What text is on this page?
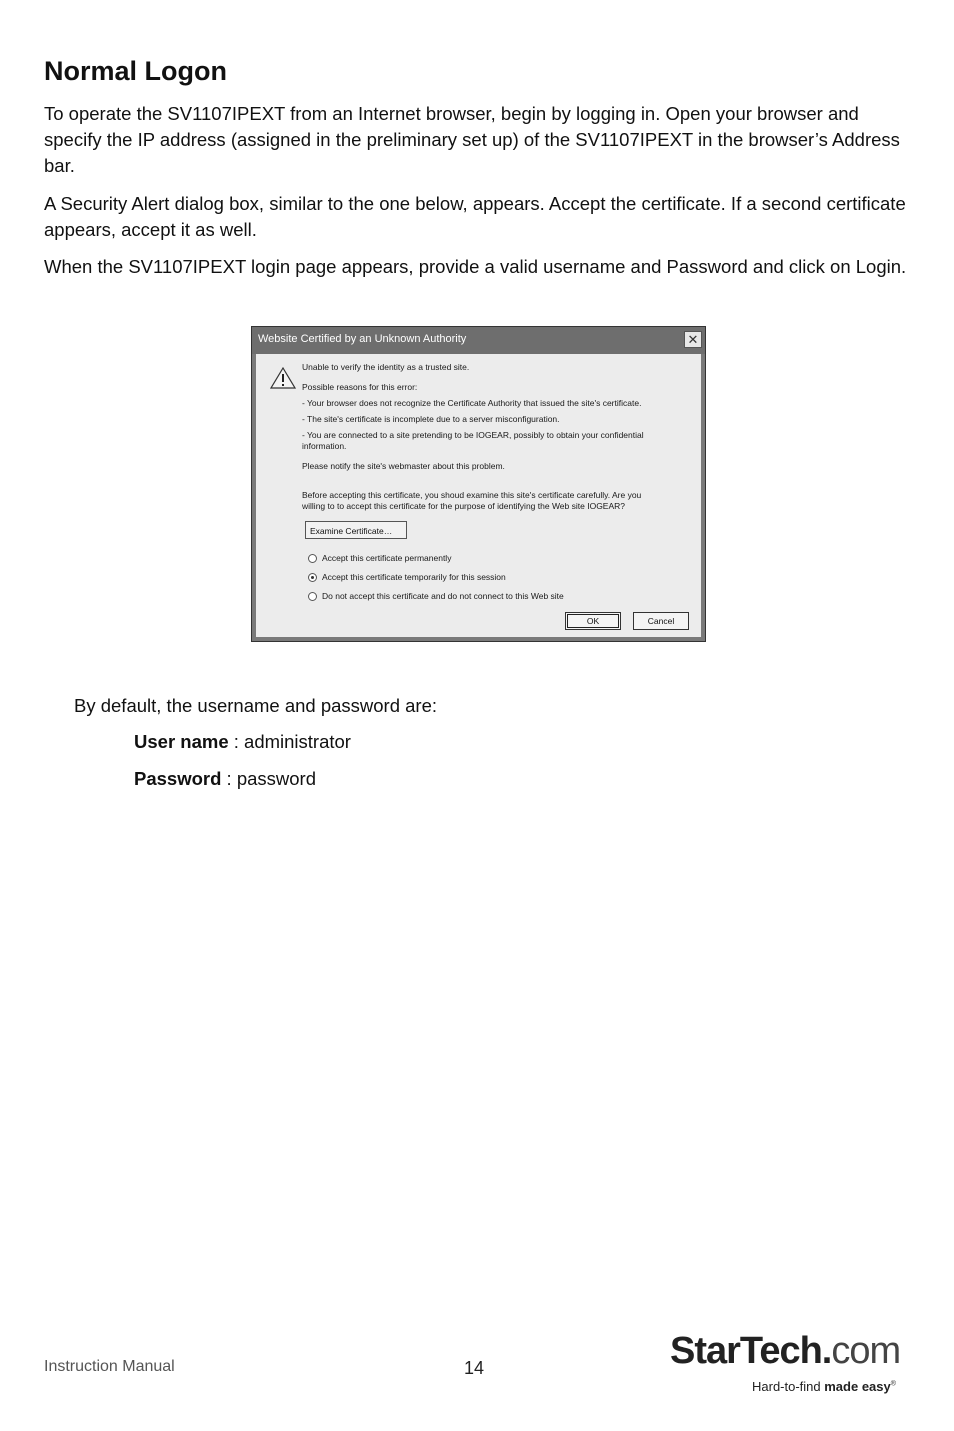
Normal Logon

To operate the SV1107IPEXT from an Internet browser, begin by logging in. Open your browser and specify the IP address (assigned in the preliminary set up) of the SV1107IPEXT in the browser’s Address bar.

A Security Alert dialog box, similar to the one below, appears. Accept the certificate. If a second certificate appears, accept it as well.

When the SV1107IPEXT login page appears, provide a valid username and Password and click on Login.

Website Certified by an Unknown Authority	✕
Unable to verify the identity as a trusted site.
Possible reasons for this error:
- Your browser does not recognize the Certificate Authority that issued the site's certificate.
- The site's certificate is incomplete due to a server misconfiguration.
- You are connected to a site pretending to be IOGEAR, possibly to obtain your confidential
information.
Please notify the site's webmaster about this problem.
Before accepting this certificate, you shoud examine this site's certificate carefully. Are you
willing to to accept this certificate for the purpose of identifying the Web site IOGEAR?
Examine Certificate…
Accept this certificate permanently
Accept this certificate temporarily for this session
Do not accept this certificate and do not connect to this Web site
OK	Cancel
By default, the username and password are:
User name : administrator
Password : password
Instruction Manual	14	StarTech.com
Hard-to-find made easy®
